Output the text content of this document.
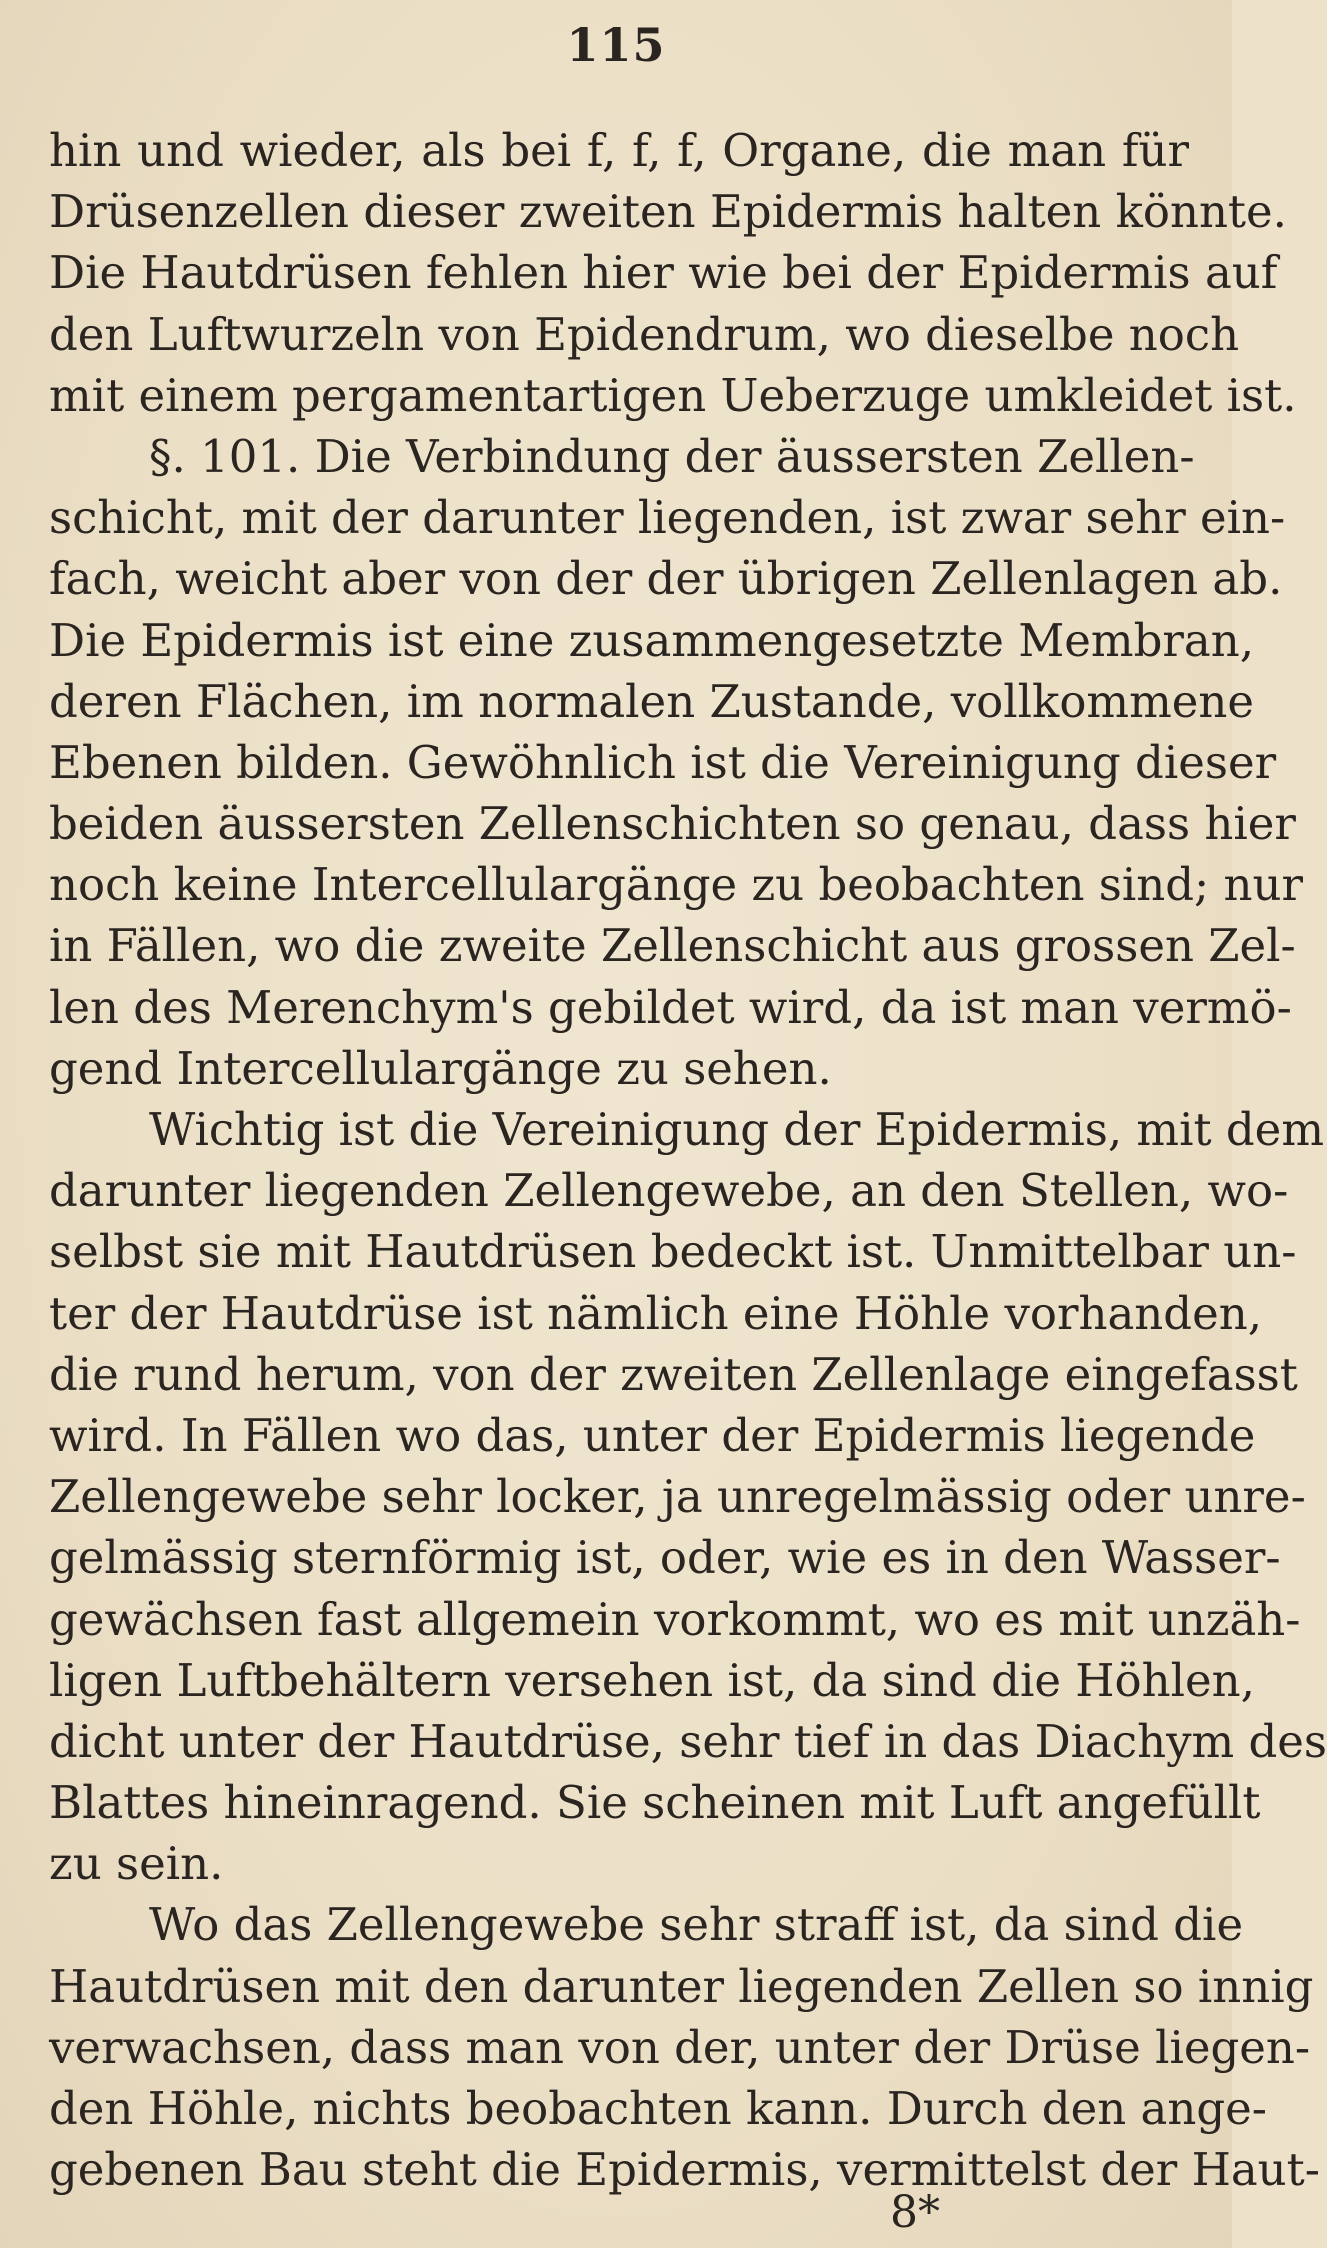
115
hin und wieder, als bei f, f, f, Organe, die man für
Drüsenzellen dieser zweiten Epidermis halten könnte.
Die Hautdrüsen fehlen hier wie bei der Epidermis auf
den Luftwurzeln von Epidendrum, wo dieselbe noch
mit einem pergamentartigen Ueberzuge umkleidet ist.
§. 101. Die Verbindung der äussersten Zellen-
schicht, mit der darunter liegenden, ist zwar sehr ein-
fach, weicht aber von der der übrigen Zellenlagen ab.
Die Epidermis ist eine zusammengesetzte Membran,
deren Flächen, im normalen Zustande, vollkommene
Ebenen bilden. Gewöhnlich ist die Vereinigung dieser
beiden äussersten Zellenschichten so genau, dass hier
noch keine Intercellulargänge zu beobachten sind; nur
in Fällen, wo die zweite Zellenschicht aus grossen Zel-
len des Merenchym's gebildet wird, da ist man vermö-
gend Intercellulargänge zu sehen.
Wichtig ist die Vereinigung der Epidermis, mit dem
darunter liegenden Zellengewebe, an den Stellen, wo-
selbst sie mit Hautdrüsen bedeckt ist. Unmittelbar un-
ter der Hautdrüse ist nämlich eine Höhle vorhanden,
die rund herum, von der zweiten Zellenlage eingefasst
wird. In Fällen wo das, unter der Epidermis liegende
Zellengewebe sehr locker, ja unregelmässig oder unre-
gelmässig sternförmig ist, oder, wie es in den Wasser-
gewächsen fast allgemein vorkommt, wo es mit unzäh-
ligen Luftbehältern versehen ist, da sind die Höhlen,
dicht unter der Hautdrüse, sehr tief in das Diachym des
Blattes hineinragend. Sie scheinen mit Luft angefüllt
zu sein.
Wo das Zellengewebe sehr straff ist, da sind die
Hautdrüsen mit den darunter liegenden Zellen so innig
verwachsen, dass man von der, unter der Drüse liegen-
den Höhle, nichts beobachten kann. Durch den ange-
gebenen Bau steht die Epidermis, vermittelst der Haut-
8*
